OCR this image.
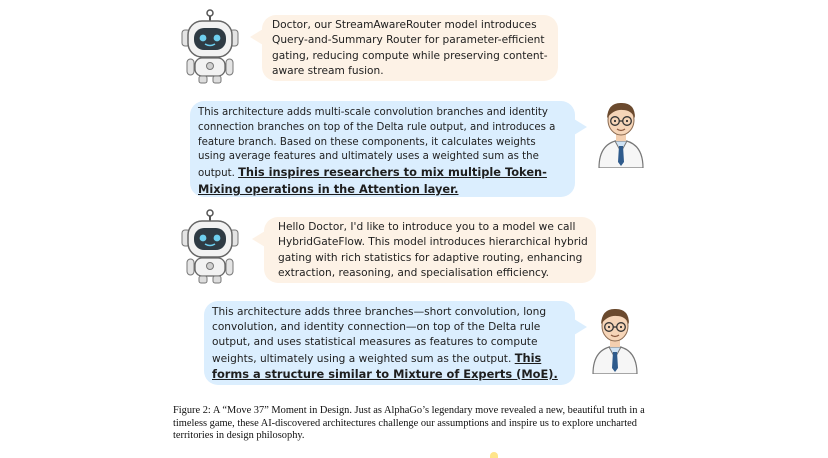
Doctor, our StreamAwareRouter model introduces Query-and-Summary Router for parameter-efficient gating, reducing compute while preserving content-aware stream fusion.
This architecture adds multi-scale convolution branches and identity connection branches on top of the Delta rule output, and introduces a feature branch. Based on these components, it calculates weights using average features and ultimately uses a weighted sum as the output. This inspires researchers to mix multiple Token-Mixing operations in the Attention layer.
Hello Doctor, I'd like to introduce you to a model we call HybridGateFlow. This model introduces hierarchical hybrid gating with rich statistics for adaptive routing, enhancing extraction, reasoning, and specialisation efficiency.
This architecture adds three branches—short convolution, long convolution, and identity connection—on top of the Delta rule output, and uses statistical measures as features to compute weights, ultimately using a weighted sum as the output. This forms a structure similar to Mixture of Experts (MoE).
Figure 2: A “Move 37” Moment in Design. Just as AlphaGo’s legendary move revealed a new, beautiful truth in a timeless game, these AI-discovered architectures challenge our assumptions and inspire us to explore uncharted territories in design philosophy.
